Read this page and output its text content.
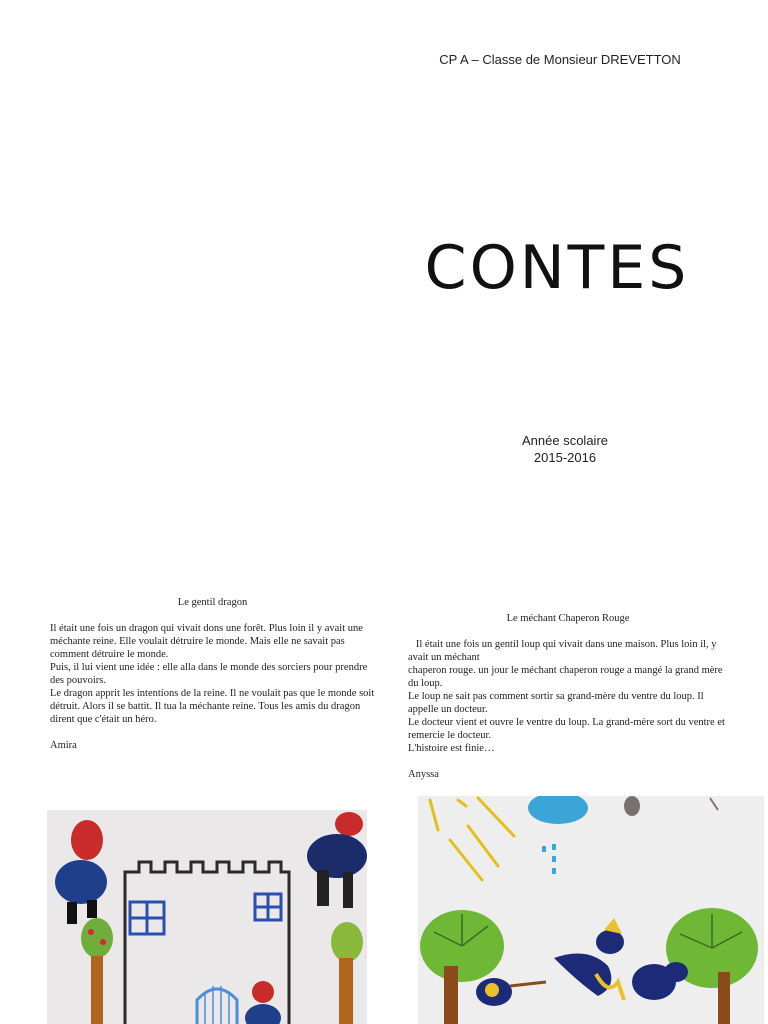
CP A – Classe de Monsieur DREVETTON
CONTES
Année scolaire
2015-2016
Le gentil dragon

Il était une fois un dragon qui vivait dons une forêt. Plus loin il y avait une méchante reine. Elle voulait détruire le monde. Mais elle ne savait pas comment détruire le monde.

Puis, il lui vient une idée : elle alla dans le monde des sorciers pour prendre des pouvoirs.

Le dragon apprit les intentions de la reine. Il ne voulait pas que le monde soit détruit. Alors il se battit. Il tua la méchante reine. Tous les amis du dragon dirent que c'était un héro.

Amira

Le méchant Chaperon Rouge

Il était une fois un gentil loup qui vivait dans une maison. Plus loin il, y avait un méchant

chaperon rouge. un jour le méchant chaperon rouge a mangé la grand mère du loup.

Le loup ne sait pas comment sortir sa grand-mère du ventre du loup. Il appelle un docteur.

Le docteur vient et ouvre le ventre du loup. La grand-mère sort du ventre et remercie le docteur.

L'histoire est finie…

Anyssa
